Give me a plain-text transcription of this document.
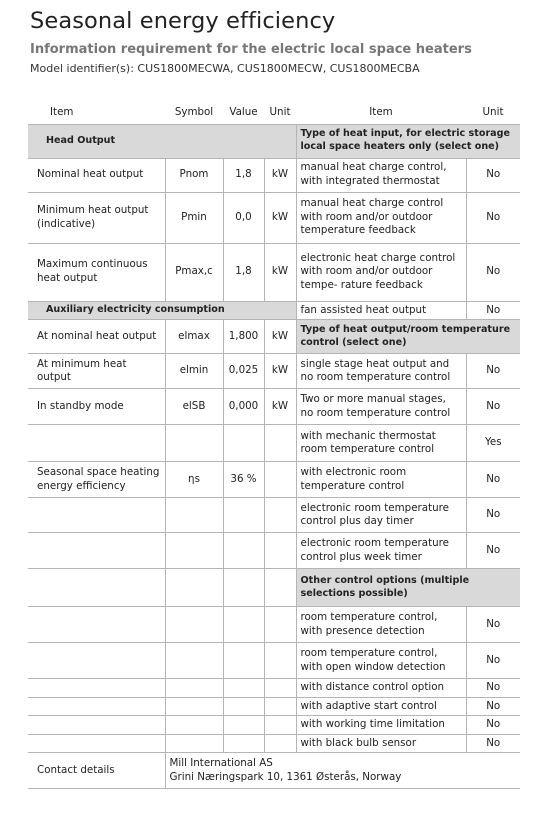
Seasonal energy efficiency
Information requirement for the electric local space heaters
Model identifier(s): CUS1800MECWA, CUS1800MECW, CUS1800MECBA
Item	Symbol	Value	Unit	Item	Unit
Head Output				Type of heat input, for electric storage local space heaters only (select one)	
Nominal heat output	Pnom	1,8	kW	manual heat charge control, with integrated thermostat	No
Minimum heat output (indicative)	Pmin	0,0	kW	manual heat charge control with room and/or outdoor temperature feedback	No
Maximum continuous heat output	Pmax,c	1,8	kW	electronic heat charge control with room and/or outdoor tempe- rature feedback	No
Auxiliary electricity consumption				fan assisted heat output	No
At nominal heat output	elmax	1,800	kW	Type of heat output/room temperature control (select one)	
At minimum heat output	elmin	0,025	kW	single stage heat output and no room temperature control	No
In standby mode	elSB	0,000	kW	Two or more manual stages, no room temperature control	No
				with mechanic thermostat room temperature control	Yes
Seasonal space heating energy efficiency	ηs	36 %		with electronic room temperature control	No
				electronic room temperature control plus day timer	No
				electronic room temperature control plus week timer	No
				Other control options (multiple selections possible)	
				room temperature control, with presence detection	No
				room temperature control, with open window detection	No
				with distance control option	No
				with adaptive start control	No
				with working time limitation	No
				with black bulb sensor	No
Contact details	Mill International AS
Grini Næringspark 10, 1361 Østerås, Norway				
